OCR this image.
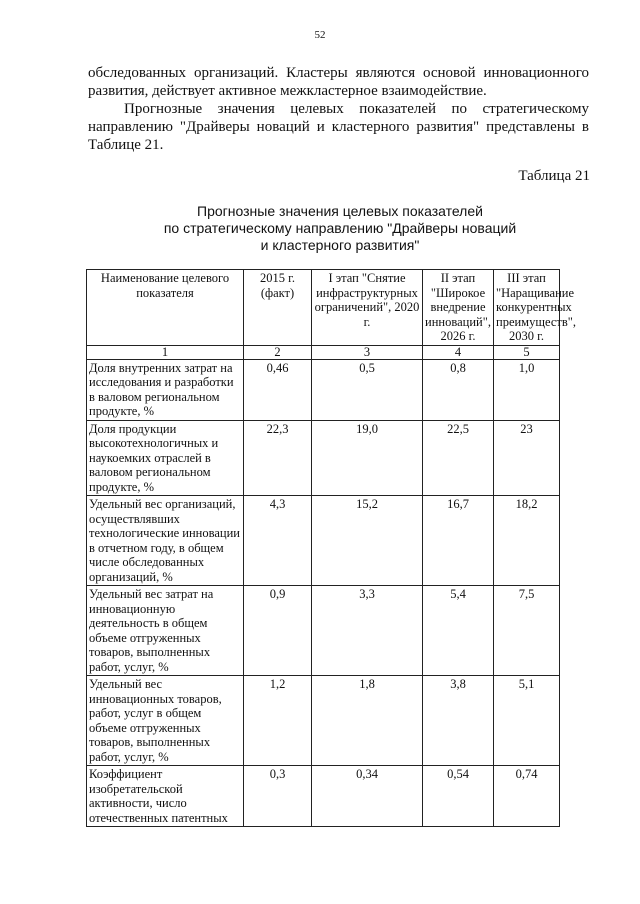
52

обследованных организаций. Кластеры являются основой инновационного развития, действует активное межкластерное взаимодействие.

Прогнозные значения целевых показателей по стратегическому направлению "Драйверы новаций и кластерного развития" представлены в Таблице 21.

Таблица 21
Прогнозные значения целевых показателей
по стратегическому направлению "Драйверы новаций
и кластерного развития"
Наименование целевого показателя	2015 г. (факт)	I этап "Снятие инфраструктурных ограничений", 2020 г.	II этап "Широкое внедрение инноваций", 2026 г.	III этап "Наращивание конкурентных преимуществ", 2030 г.
1	2	3	4	5
Доля внутренних затрат на исследования и разработки в валовом региональном продукте, %	0,46	0,5	0,8	1,0
Доля продукции высокотехнологичных и наукоемких отраслей в валовом региональном продукте, %	22,3	19,0	22,5	23
Удельный вес организаций, осуществлявших технологические инновации в отчетном году, в общем числе обследованных организаций, %	4,3	15,2	16,7	18,2
Удельный вес затрат на инновационную деятельность в общем объеме отгруженных товаров, выполненных работ, услуг, %	0,9	3,3	5,4	7,5
Удельный вес инновационных товаров, работ, услуг в общем объеме отгруженных товаров, выполненных работ, услуг, %	1,2	1,8	3,8	5,1
Коэффициент изобретательской активности, число отечественных патентных	0,3	0,34	0,54	0,74
